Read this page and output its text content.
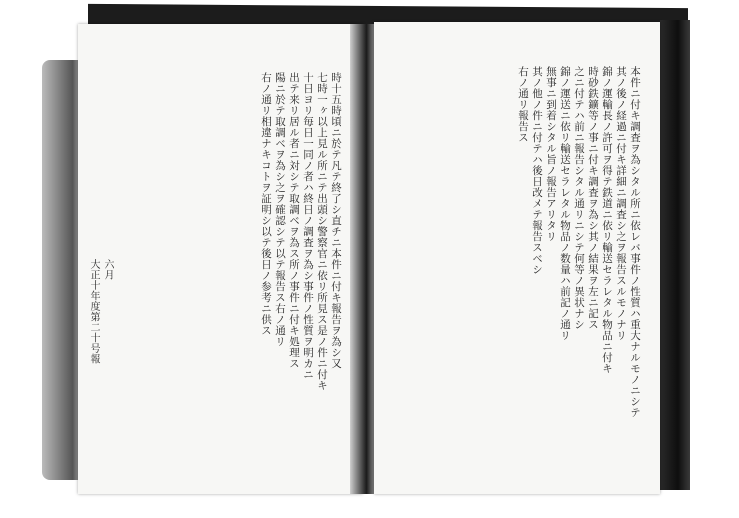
時十五時頃ニ於テ凡テ終了シ直チニ本件ニ付キ報告ヲ為シ又
七時一ヶ以上見ル所ニテ出頭シ警察官ニ依リ所見ス是ノ件ニ付キ
十日ヨリ毎日一同ノ者ハ終日ノ調査ヲ為シ事件ノ性質ヲ明カニ
出テ来リ居ル者ニ対シテ取調ベヲ為ス所ノ事件ニ付キ処理ス
陽ニ於テ取調ベヲ為シ之ヲ確認シテ以テ報告ス右ノ通リ
右ノ通リ相違ナキコトヲ証明シ以テ後日ノ参考ニ供ス
六月
大正十年度第二十号報	本件ニ付キ調査ヲ為シタル所ニ依レバ事件ノ性質ハ重大ナルモノニシテ
其ノ後ノ経過ニ付キ詳細ニ調査シ之ヲ報告スルモノナリ
錦ノ運輸長ノ許可ヲ得テ鉄道ニ依リ輸送セラレタル物品ニ付キ
時砂鉄鑛等ノ事ニ付キ調査ヲ為シ其ノ結果ヲ左ニ記ス
之ニ付テハ前ニ報告シタル通リニシテ何等ノ異状ナシ
錦ノ運送ニ依リ輸送セラレタル物品ノ数量ハ前記ノ通リ
無事ニ到着シタル旨ノ報告アリタリ
其ノ他ノ件ニ付テハ後日改メテ報告スベシ
右ノ通リ報告ス
